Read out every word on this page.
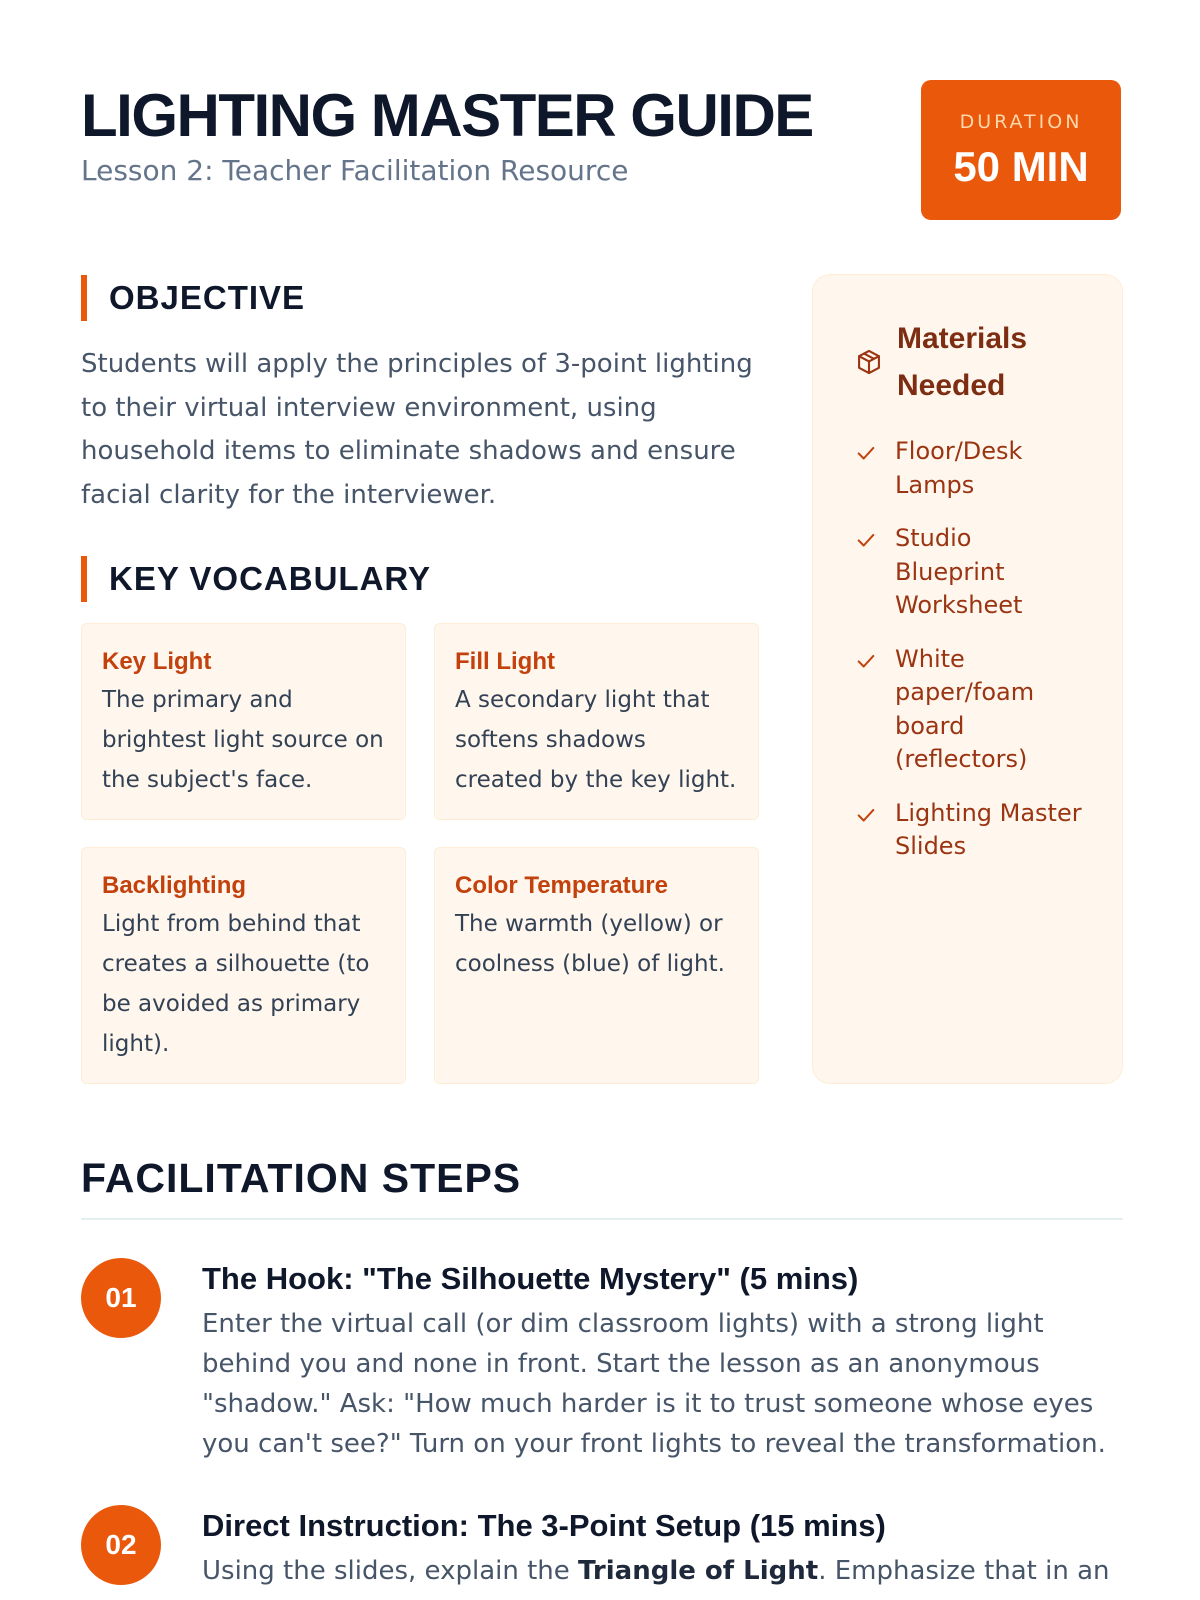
LIGHTING MASTER GUIDE
Lesson 2: Teacher Facilitation Resource
DURATION
50 MIN
OBJECTIVE

Students will apply the principles of 3-point lighting to their virtual interview environment, using household items to eliminate shadows and ensure facial clarity for the interviewer.

KEY VOCABULARY
Key Light
The primary and brightest light source on the subject's face.
Fill Light
A secondary light that softens shadows created by the key light.
Backlighting
Light from behind that creates a silhouette (to be avoided as primary light).
Color Temperature
The warmth (yellow) or coolness (blue) of light.
Materials Needed
Floor/Desk Lamps
Studio Blueprint Worksheet
White paper/foam board (reflectors)
Lighting Master Slides
FACILITATION STEPS
01
The Hook: "The Silhouette Mystery" (5 mins)

Enter the virtual call (or dim classroom lights) with a strong light behind you and none in front. Start the lesson as an anonymous "shadow." Ask: "How much harder is it to trust someone whose eyes you can't see?" Turn on your front lights to reveal the transformation.

02
Direct Instruction: The 3-Point Setup (15 mins)

Using the slides, explain the Triangle of Light. Emphasize that in an
